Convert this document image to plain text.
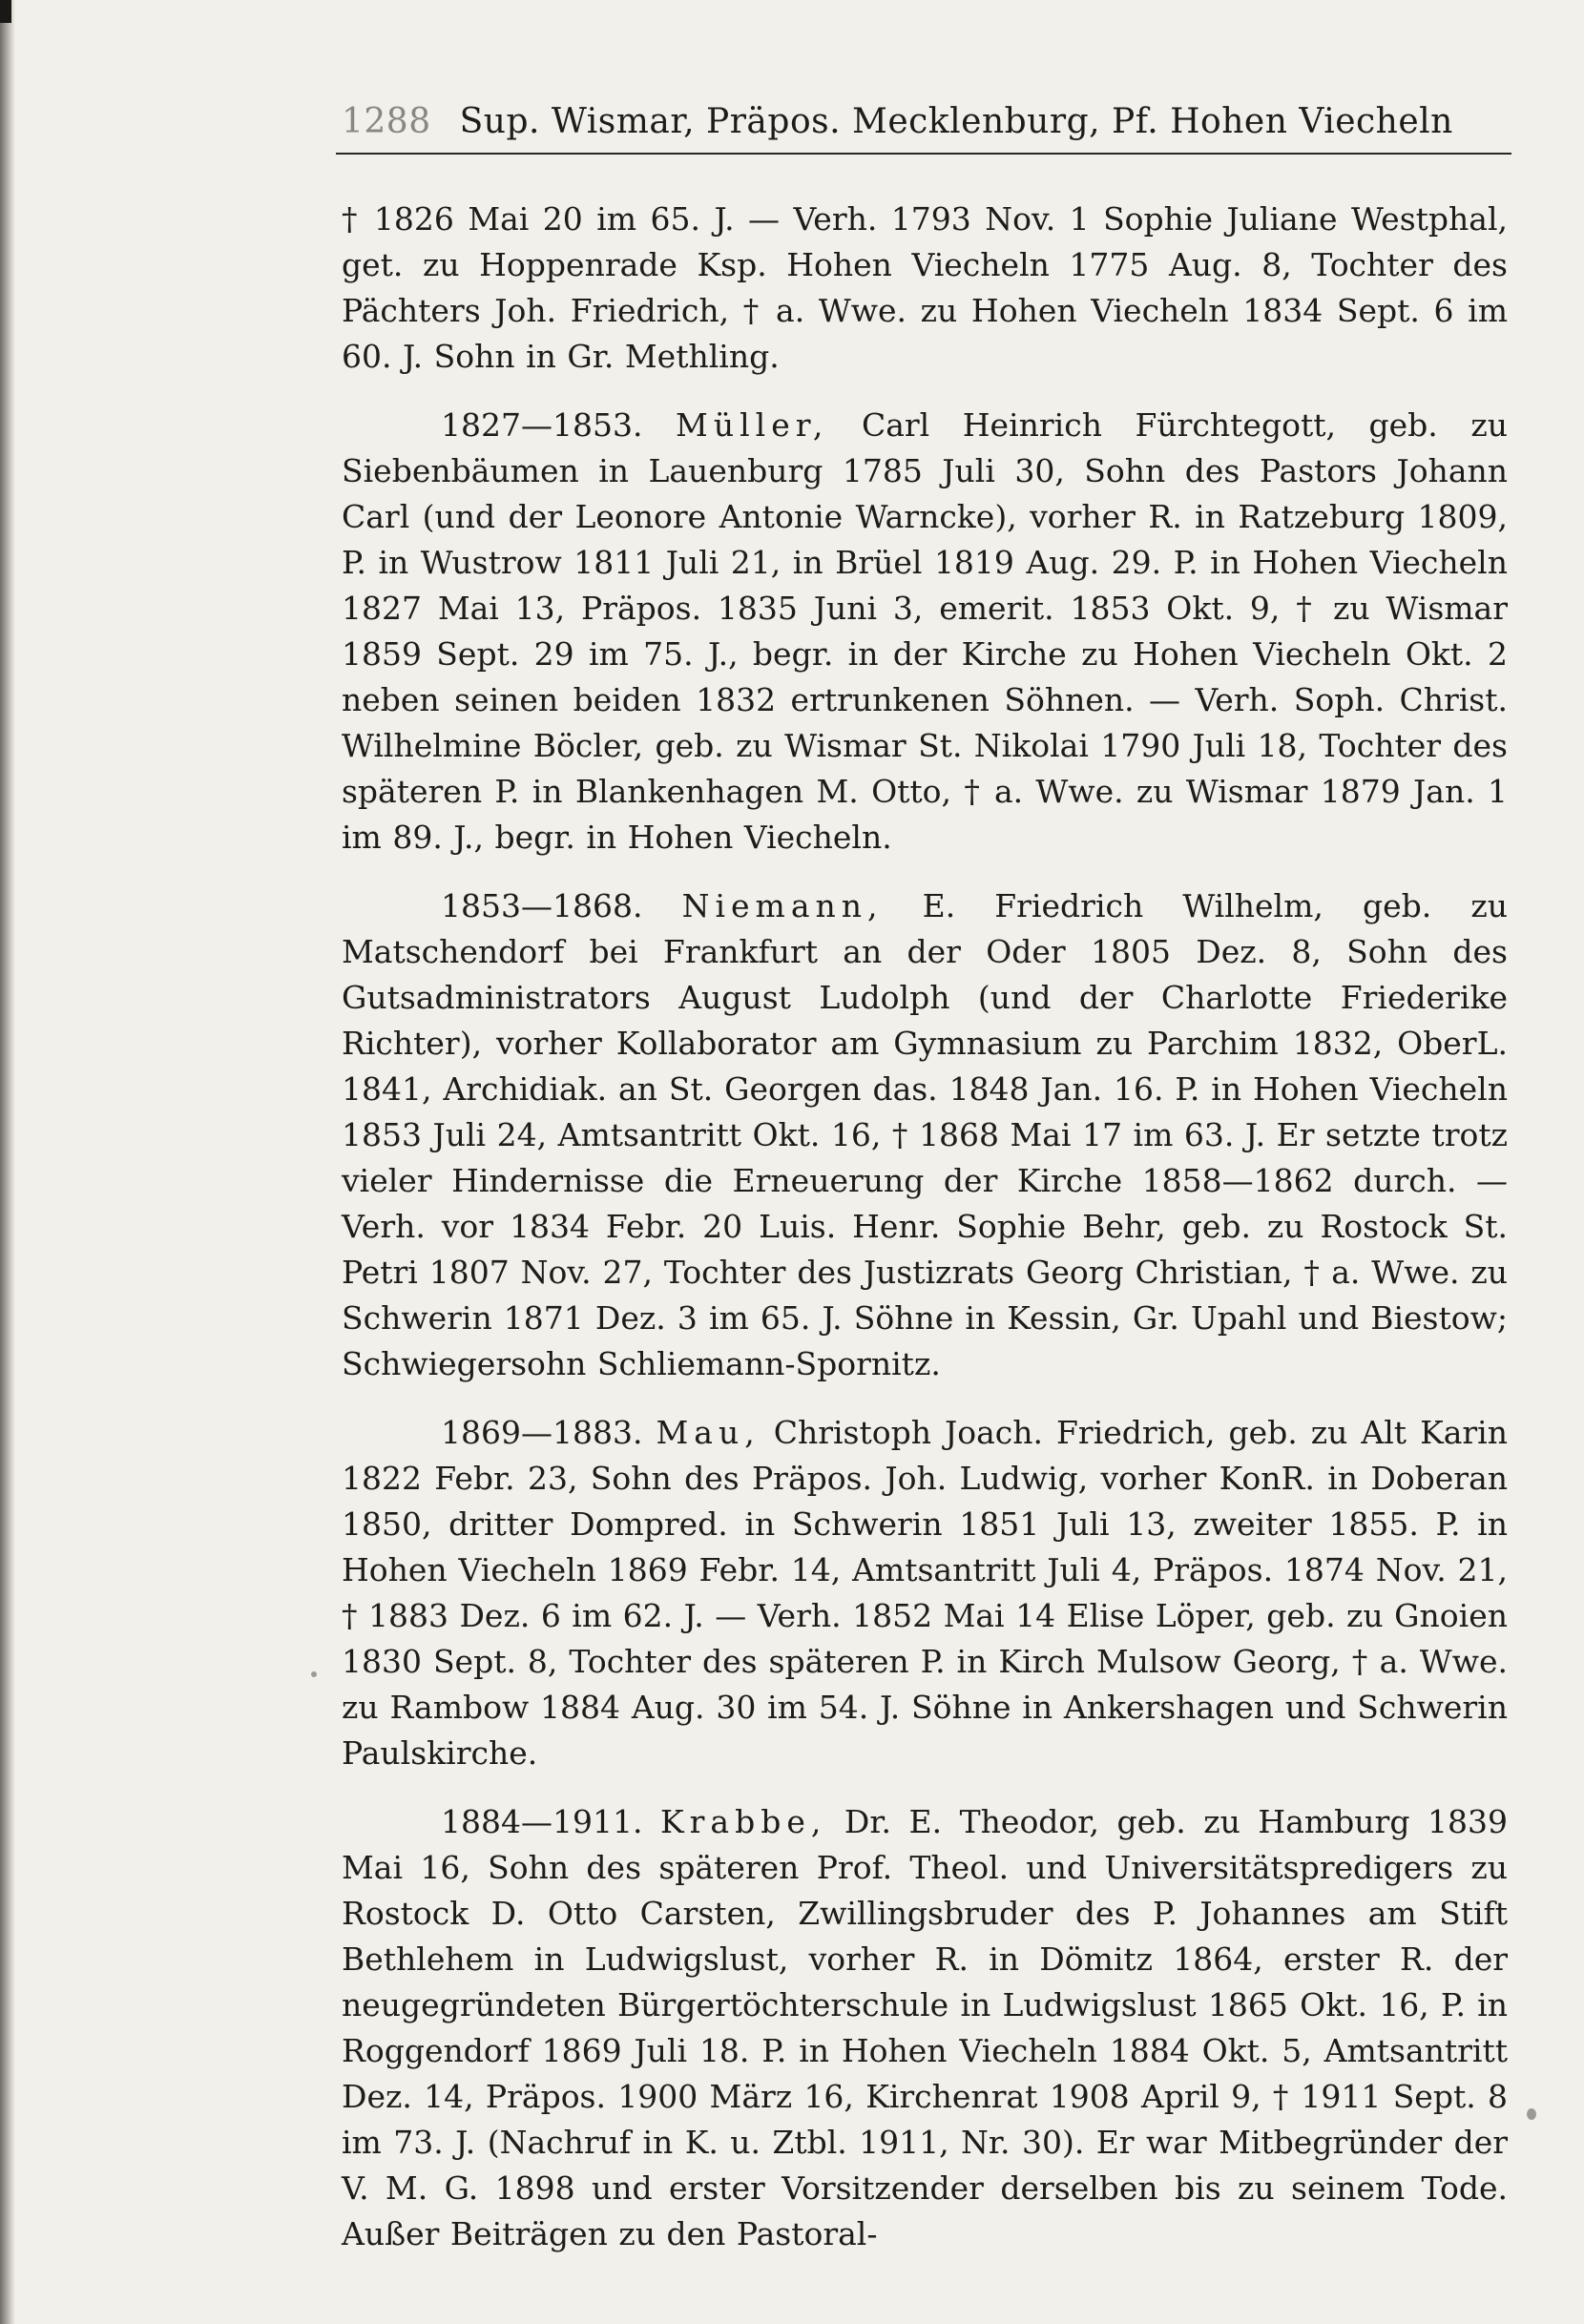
1288 Sup. Wismar, Präpos. Mecklenburg, Pf. Hohen Viecheln

† 1826 Mai 20 im 65. J. — Verh. 1793 Nov. 1 Sophie Juliane Westphal, get. zu Hoppenrade Ksp. Hohen Viecheln 1775 Aug. 8, Tochter des Pächters Joh. Friedrich, † a. Wwe. zu Hohen Viecheln 1834 Sept. 6 im 60. J. Sohn in Gr. Methling.

1827—1853. Müller, Carl Heinrich Fürchtegott, geb. zu Siebenbäumen in Lauenburg 1785 Juli 30, Sohn des Pastors Johann Carl (und der Leonore Antonie Warncke), vorher R. in Ratzeburg 1809, P. in Wustrow 1811 Juli 21, in Brüel 1819 Aug. 29. P. in Hohen Viecheln 1827 Mai 13, Präpos. 1835 Juni 3, emerit. 1853 Okt. 9, † zu Wismar 1859 Sept. 29 im 75. J., begr. in der Kirche zu Hohen Viecheln Okt. 2 neben seinen beiden 1832 ertrunkenen Söhnen. — Verh. Soph. Christ. Wilhelmine Böcler, geb. zu Wismar St. Nikolai 1790 Juli 18, Tochter des späteren P. in Blankenhagen M. Otto, † a. Wwe. zu Wismar 1879 Jan. 1 im 89. J., begr. in Hohen Viecheln.

1853—1868. Niemann, E. Friedrich Wilhelm, geb. zu Matschendorf bei Frankfurt an der Oder 1805 Dez. 8, Sohn des Gutsadministrators August Ludolph (und der Charlotte Friederike Richter), vorher Kollaborator am Gymnasium zu Parchim 1832, OberL. 1841, Archidiak. an St. Georgen das. 1848 Jan. 16. P. in Hohen Viecheln 1853 Juli 24, Amtsantritt Okt. 16, † 1868 Mai 17 im 63. J. Er setzte trotz vieler Hindernisse die Erneuerung der Kirche 1858—1862 durch. — Verh. vor 1834 Febr. 20 Luis. Henr. Sophie Behr, geb. zu Rostock St. Petri 1807 Nov. 27, Tochter des Justizrats Georg Christian, † a. Wwe. zu Schwerin 1871 Dez. 3 im 65. J. Söhne in Kessin, Gr. Upahl und Biestow; Schwiegersohn Schliemann-Spornitz.

1869—1883. Mau, Christoph Joach. Friedrich, geb. zu Alt Karin 1822 Febr. 23, Sohn des Präpos. Joh. Ludwig, vorher KonR. in Doberan 1850, dritter Dompred. in Schwerin 1851 Juli 13, zweiter 1855. P. in Hohen Viecheln 1869 Febr. 14, Amtsantritt Juli 4, Präpos. 1874 Nov. 21, † 1883 Dez. 6 im 62. J. — Verh. 1852 Mai 14 Elise Löper, geb. zu Gnoien 1830 Sept. 8, Tochter des späteren P. in Kirch Mulsow Georg, † a. Wwe. zu Rambow 1884 Aug. 30 im 54. J. Söhne in Ankershagen und Schwerin Paulskirche.

1884—1911. Krabbe, Dr. E. Theodor, geb. zu Hamburg 1839 Mai 16, Sohn des späteren Prof. Theol. und Universitätspredigers zu Rostock D. Otto Carsten, Zwillingsbruder des P. Johannes am Stift Bethlehem in Ludwigslust, vorher R. in Dömitz 1864, erster R. der neugegründeten Bürgertöchterschule in Ludwigslust 1865 Okt. 16, P. in Roggendorf 1869 Juli 18. P. in Hohen Viecheln 1884 Okt. 5, Amtsantritt Dez. 14, Präpos. 1900 März 16, Kirchenrat 1908 April 9, † 1911 Sept. 8 im 73. J. (Nachruf in K. u. Ztbl. 1911, Nr. 30). Er war Mitbegründer der V. M. G. 1898 und erster Vorsitzender derselben bis zu seinem Tode. Außer Beiträgen zu den Pastoral-
